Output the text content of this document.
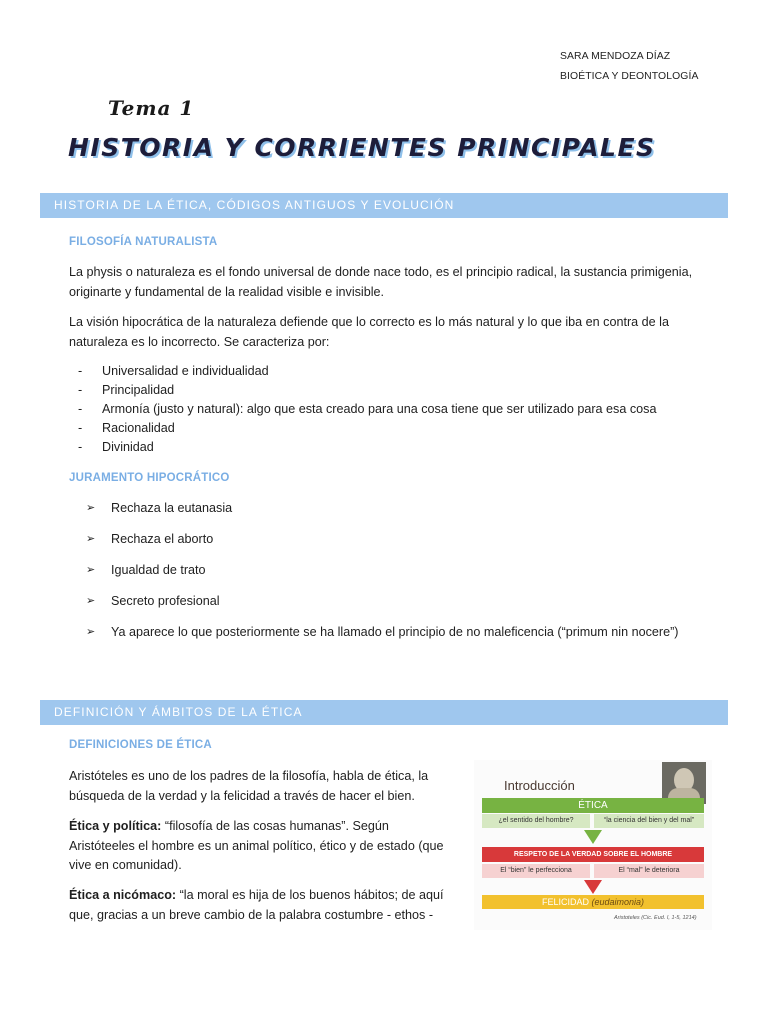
SARA MENDOZA DÍAZ
BIOÉTICA Y DEONTOLOGÍA
Tema 1
HISTORIA Y CORRIENTES PRINCIPALES
HISTORIA DE LA ÉTICA, CÓDIGOS ANTIGUOS Y EVOLUCIÓN
FILOSOFÍA NATURALISTA
La physis o naturaleza es el fondo universal de donde nace todo, es el principio radical, la sustancia primigenia, originarte y fundamental de la realidad visible e invisible.
La visión hipocrática de la naturaleza defiende que lo correcto es lo más natural y lo que iba en contra de la naturaleza es lo incorrecto. Se caracteriza por:
- Universalidad e individualidad
- Principalidad
- Armonía (justo y natural): algo que esta creado para una cosa tiene que ser utilizado para esa cosa
- Racionalidad
- Divinidad
JURAMENTO HIPOCRÁTICO
➢ Rechaza la eutanasia
➢ Rechaza el aborto
➢ Igualdad de trato
➢ Secreto profesional
➢ Ya aparece lo que posteriormente se ha llamado el principio de no maleficencia (“primum nin nocere”)
DEFINICIÓN Y ÁMBITOS DE LA ÉTICA
DEFINICIONES DE ÉTICA
Aristóteles es uno de los padres de la filosofía, habla de ética, la búsqueda de la verdad y la felicidad a través de hacer el bien.
Ética y política: “filosofía de las cosas humanas”. Según Aristóteeles el hombre es un animal político, ético y de estado (que vive en comunidad).
Ética a nicómaco: “la moral es hija de los buenos hábitos; de aquí que, gracias a un breve cambio de la palabra costumbre - ethos -
Introducción
ÉTICA
¿el sentido del hombre?	“la ciencia del bien y del mal”
RESPETO DE LA VERDAD SOBRE EL HOMBRE
El “bien” le perfecciona	El “mal” le deteriora
FELICIDAD (eudaimonia)
Aristoteles (Cic. Eud. I, 1-5, 1214)
